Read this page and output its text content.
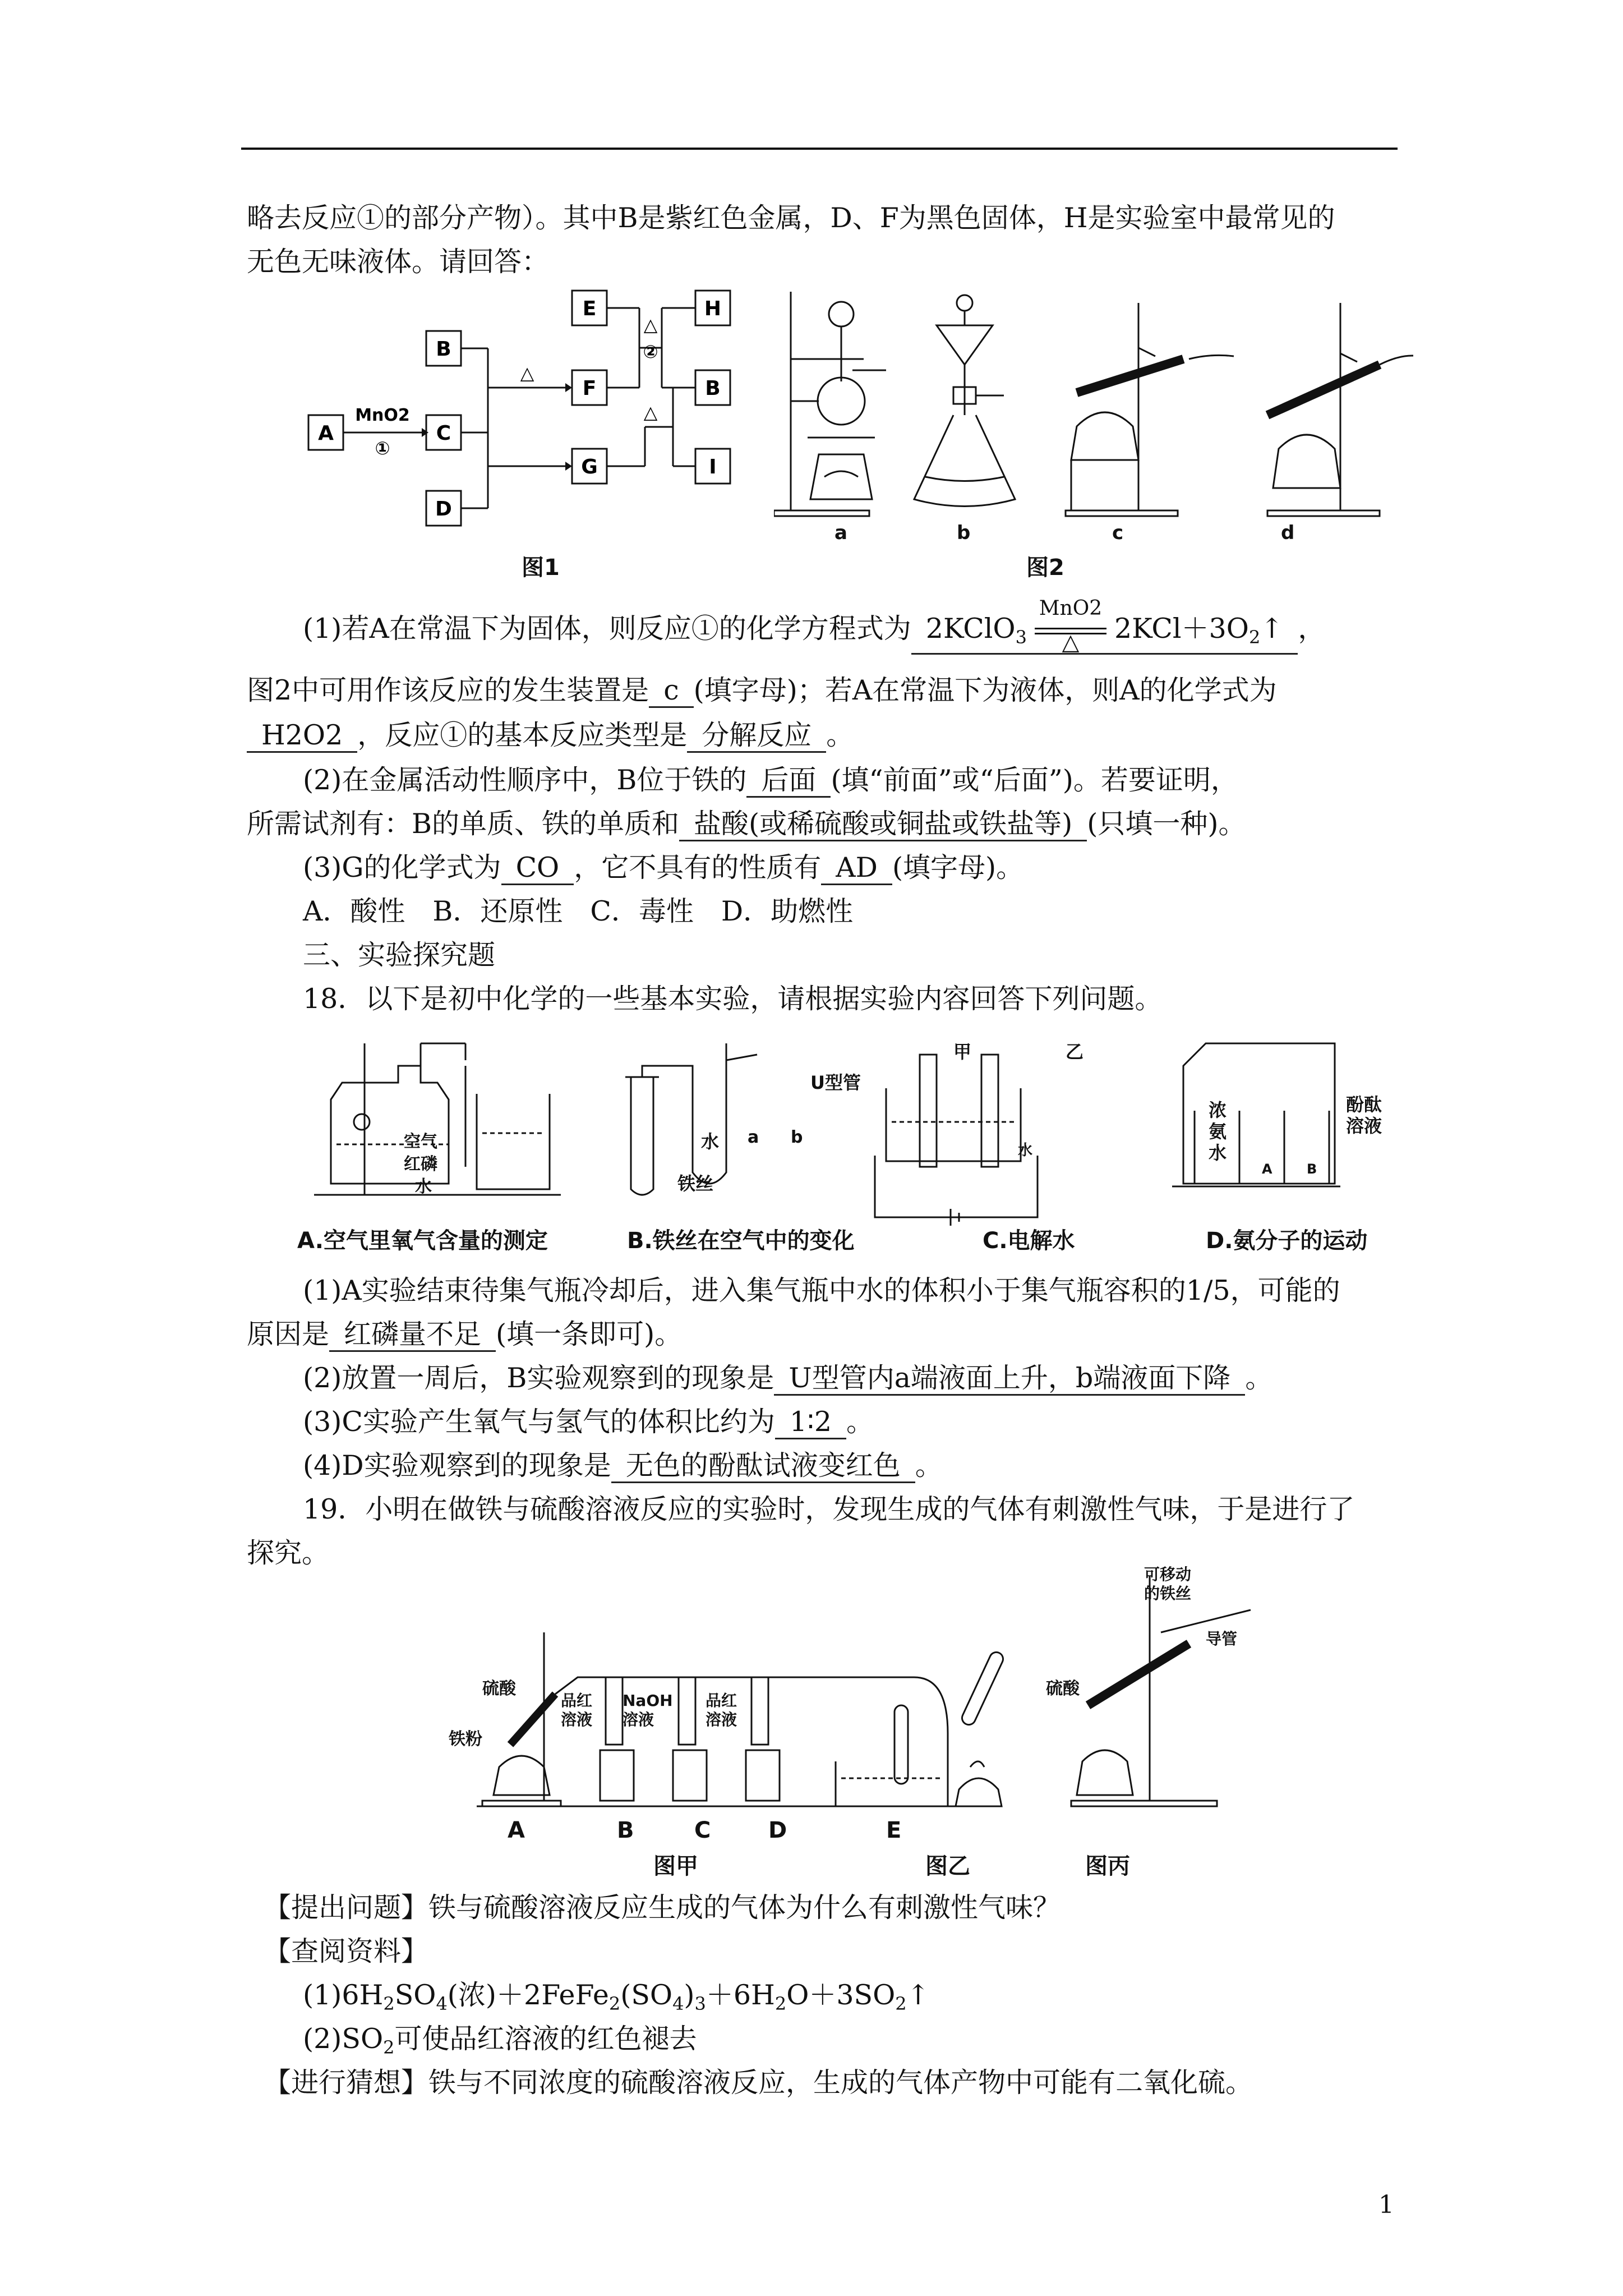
略去反应①的部分产物）。其中B是紫红色金属，D、F为黑色固体，H是实验室中最常见的
无色无味液体。请回答：
A
B
C
D
E
F
G
H
B
I
MnO2
①
△
△
②
△
图1
a	b	c	d
图2
(1)若A在常温下为固体，则反应①的化学方程式为 2KClO$_3$
MnO2
△	$2KCl+3O_2↑$ ，
图2中可用作该反应的发生装置是 c (填字母)；若A在常温下为液体，则A的化学式为
H2O2 ，反应①的基本反应类型是 分解反应 。
(2)在金属活动性顺序中，B位于铁的 后面 (填“前面”或“后面”)。若要证明，
所需试剂有：B的单质、铁的单质和 盐酸(或稀硫酸或铜盐或铁盐等) (只填一种)。
(3)G的化学式为 CO ，它不具有的性质有 AD (填字母)。
A．酸性　B．还原性　C．毒性　D．助燃性
三、实验探究题
18．以下是初中化学的一些基本实验，请根据实验内容回答下列问题。
空气
红磷
水
U型管
水 a b
铁丝
甲	乙
水
浓氨水
酚酞溶液
A	B
A.空气里氧气含量的测定	B.铁丝在空气中的变化	C.电解水	D.氨分子的运动
(1)A实验结束待集气瓶冷却后，进入集气瓶中水的体积小于集气瓶容积的1/5，可能的
原因是 红磷量不足 (填一条即可)。
(2)放置一周后，B实验观察到的现象是 U型管内a端液面上升，b端液面下降 。
(3)C实验产生氧气与氢气的体积比约为 1∶2 。
(4)D实验观察到的现象是 无色的酚酞试液变红色 。
19．小明在做铁与硫酸溶液反应的实验时，发现生成的气体有刺激性气味，于是进行了
探究。
硫酸
铁粉
品红溶液
NaOH溶液
品红溶液
可移动的铁丝
导管
硫酸
A	B	C	D	E
图甲	图乙	图丙
【提出问题】铁与硫酸溶液反应生成的气体为什么有刺激性气味？
【查阅资料】
$(1)6H_2SO_4$(浓)$+2FeFe_2(SO_4)_3+6H_2O+3SO_2↑$
$(2)SO_2$可使品红溶液的红色褪去
【进行猜想】铁与不同浓度的硫酸溶液反应，生成的气体产物中可能有二氧化硫。
1
